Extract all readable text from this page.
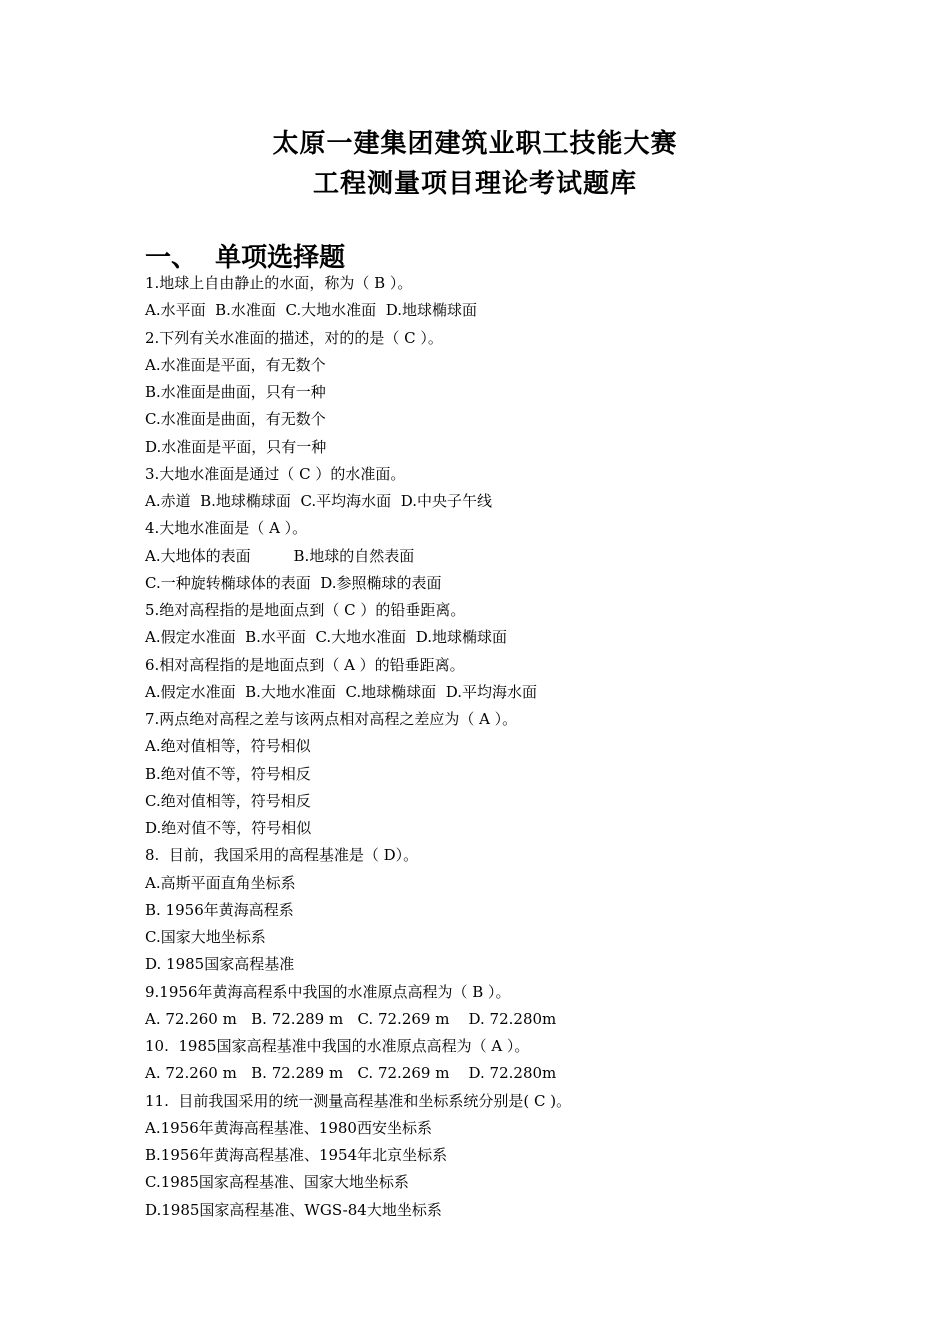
太原一建集团建筑业职工技能大赛
工程测量项目理论考试题库
一、  单项选择题
1.地球上自由静止的水面，称为（ B ）。
A.水平面  B.水准面  C.大地水准面  D.地球椭球面
2.下列有关水准面的描述，对的的是（ C ）。
A.水准面是平面，有无数个
B.水准面是曲面，只有一种
C.水准面是曲面，有无数个
D.水准面是平面，只有一种
3.大地水准面是通过（ C ）的水准面。
A.赤道  B.地球椭球面  C.平均海水面  D.中央子午线
4.大地水准面是（ A ）。
A.大地体的表面         B.地球的自然表面
C.一种旋转椭球体的表面  D.参照椭球的表面
5.绝对高程指的是地面点到（ C ）的铅垂距离。
A.假定水准面  B.水平面  C.大地水准面  D.地球椭球面
6.相对高程指的是地面点到（ A ）的铅垂距离。
A.假定水准面  B.大地水准面  C.地球椭球面  D.平均海水面
7.两点绝对高程之差与该两点相对高程之差应为（ A ）。
A.绝对值相等，符号相似
B.绝对值不等，符号相反
C.绝对值相等，符号相反
D.绝对值不等，符号相似
8.  目前，我国采用的高程基准是（ D）。
A.高斯平面直角坐标系
B. 1956年黄海高程系
C.国家大地坐标系
D. 1985国家高程基准
9.1956年黄海高程系中我国的水准原点高程为（ B ）。
A. 72.260 m   B. 72.289 m   C. 72.269 m    D. 72.280m
10.  1985国家高程基准中我国的水准原点高程为（ A ）。
A. 72.260 m   B. 72.289 m   C. 72.269 m    D. 72.280m
11.  目前我国采用的统一测量高程基准和坐标系统分别是( C )。
A.1956年黄海高程基准、1980西安坐标系
B.1956年黄海高程基准、1954年北京坐标系
C.1985国家高程基准、国家大地坐标系
D.1985国家高程基准、WGS-84大地坐标系
